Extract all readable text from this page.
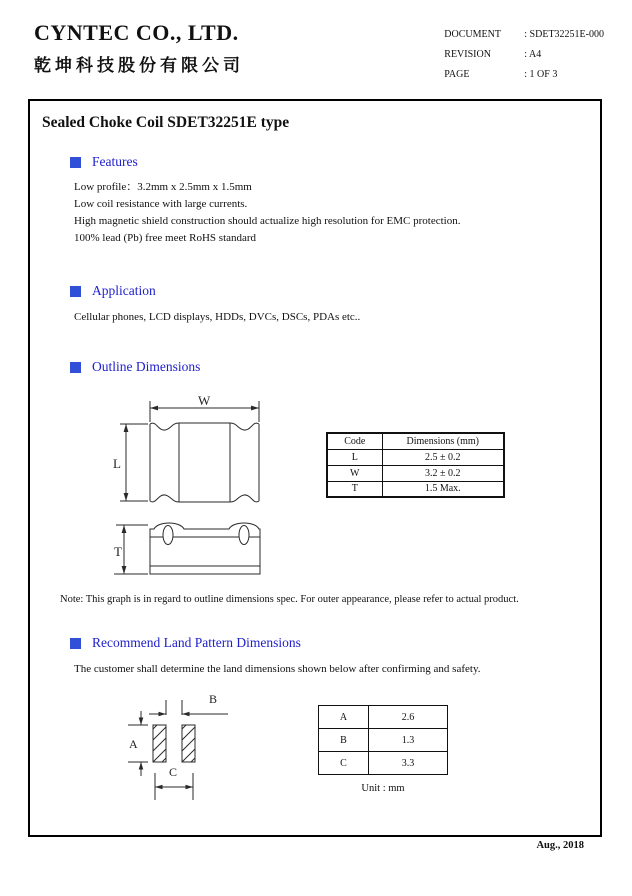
CYNTEC CO., LTD.
乾坤科技股份有限公司
DOCUMENT	: SDET32251E-000
REVISION	: A4
PAGE	: 1 OF 3
Sealed Choke Coil SDET32251E type
Features

Low profile：3.2mm x 2.5mm x 1.5mm

Low coil resistance with large currents.

High magnetic shield construction should actualize high resolution for EMC protection.

100% lead (Pb) free meet RoHS standard

Application

Cellular phones, LCD displays, HDDs, DVCs, DSCs, PDAs etc..

Outline Dimensions
W
L
T
Code	Dimensions (mm)
L	2.5 ± 0.2
W	3.2 ± 0.2
T	1.5 Max.

Note: This graph is in regard to outline dimensions spec. For outer appearance, please refer to actual product.

Recommend Land Pattern Dimensions

The customer shall determine the land dimensions shown below after confirming and safety.

B
A
C
A	2.6
B	1.3
C	3.3
Unit : mm
Aug., 2018
